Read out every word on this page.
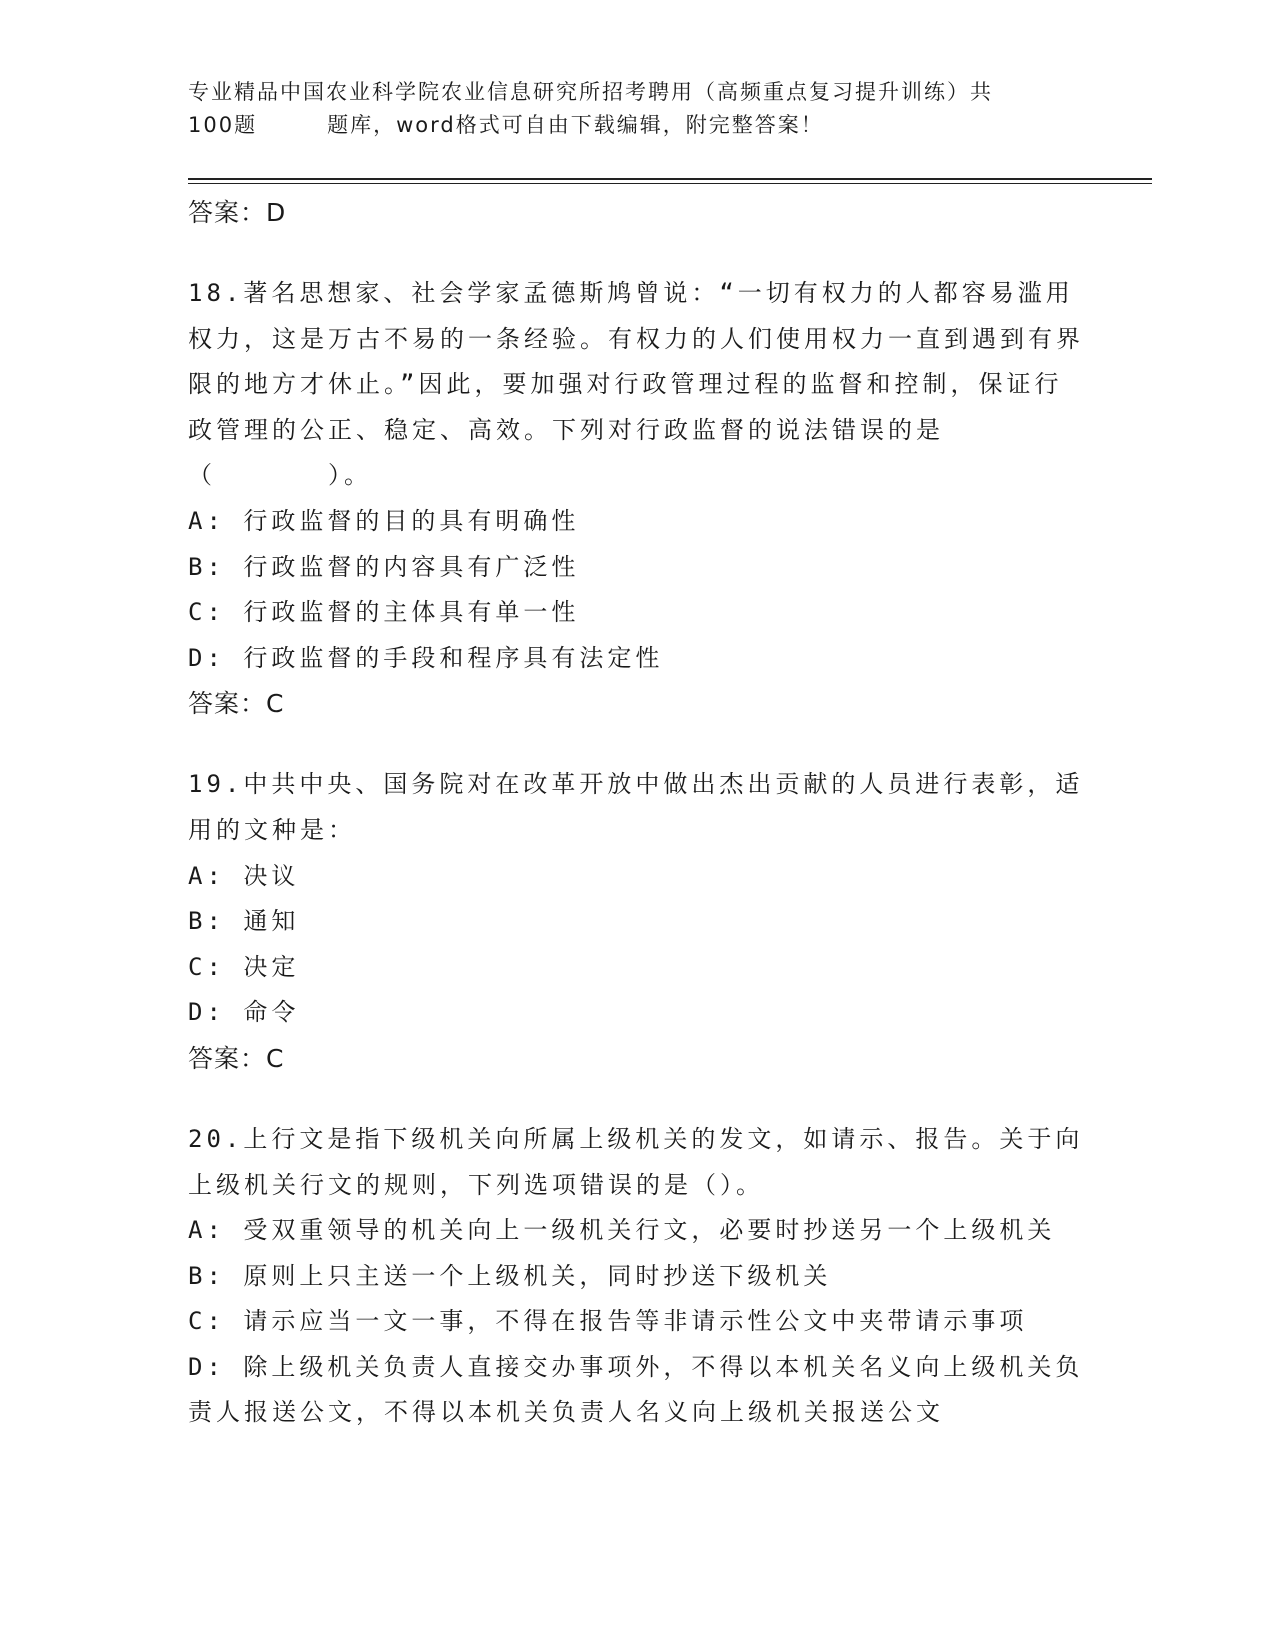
专业精品中国农业科学院农业信息研究所招考聘用（高频重点复习提升训练）共
100题	题库，word格式可自由下载编辑，附完整答案！
答案：D
18.著名思想家、社会学家孟德斯鸠曾说：“一切有权力的人都容易滥用权力，这是万古不易的一条经验。有权力的人们使用权力一直到遇到有界限的地方才休止。”因此，要加强对行政管理过程的监督和控制，保证行政管理的公正、稳定、高效。下列对行政监督的说法错误的是（　　　　）。
A: 行政监督的目的具有明确性
B: 行政监督的内容具有广泛性
C: 行政监督的主体具有单一性
D: 行政监督的手段和程序具有法定性
答案：C
19.中共中央、国务院对在改革开放中做出杰出贡献的人员进行表彰，适用的文种是：
A: 决议
B: 通知
C: 决定
D: 命令
答案：C
20.上行文是指下级机关向所属上级机关的发文，如请示、报告。关于向上级机关行文的规则，下列选项错误的是（）。
A: 受双重领导的机关向上一级机关行文，必要时抄送另一个上级机关
B: 原则上只主送一个上级机关，同时抄送下级机关
C: 请示应当一文一事，不得在报告等非请示性公文中夹带请示事项
D: 除上级机关负责人直接交办事项外，不得以本机关名义向上级机关负责人报送公文，不得以本机关负责人名义向上级机关报送公文
